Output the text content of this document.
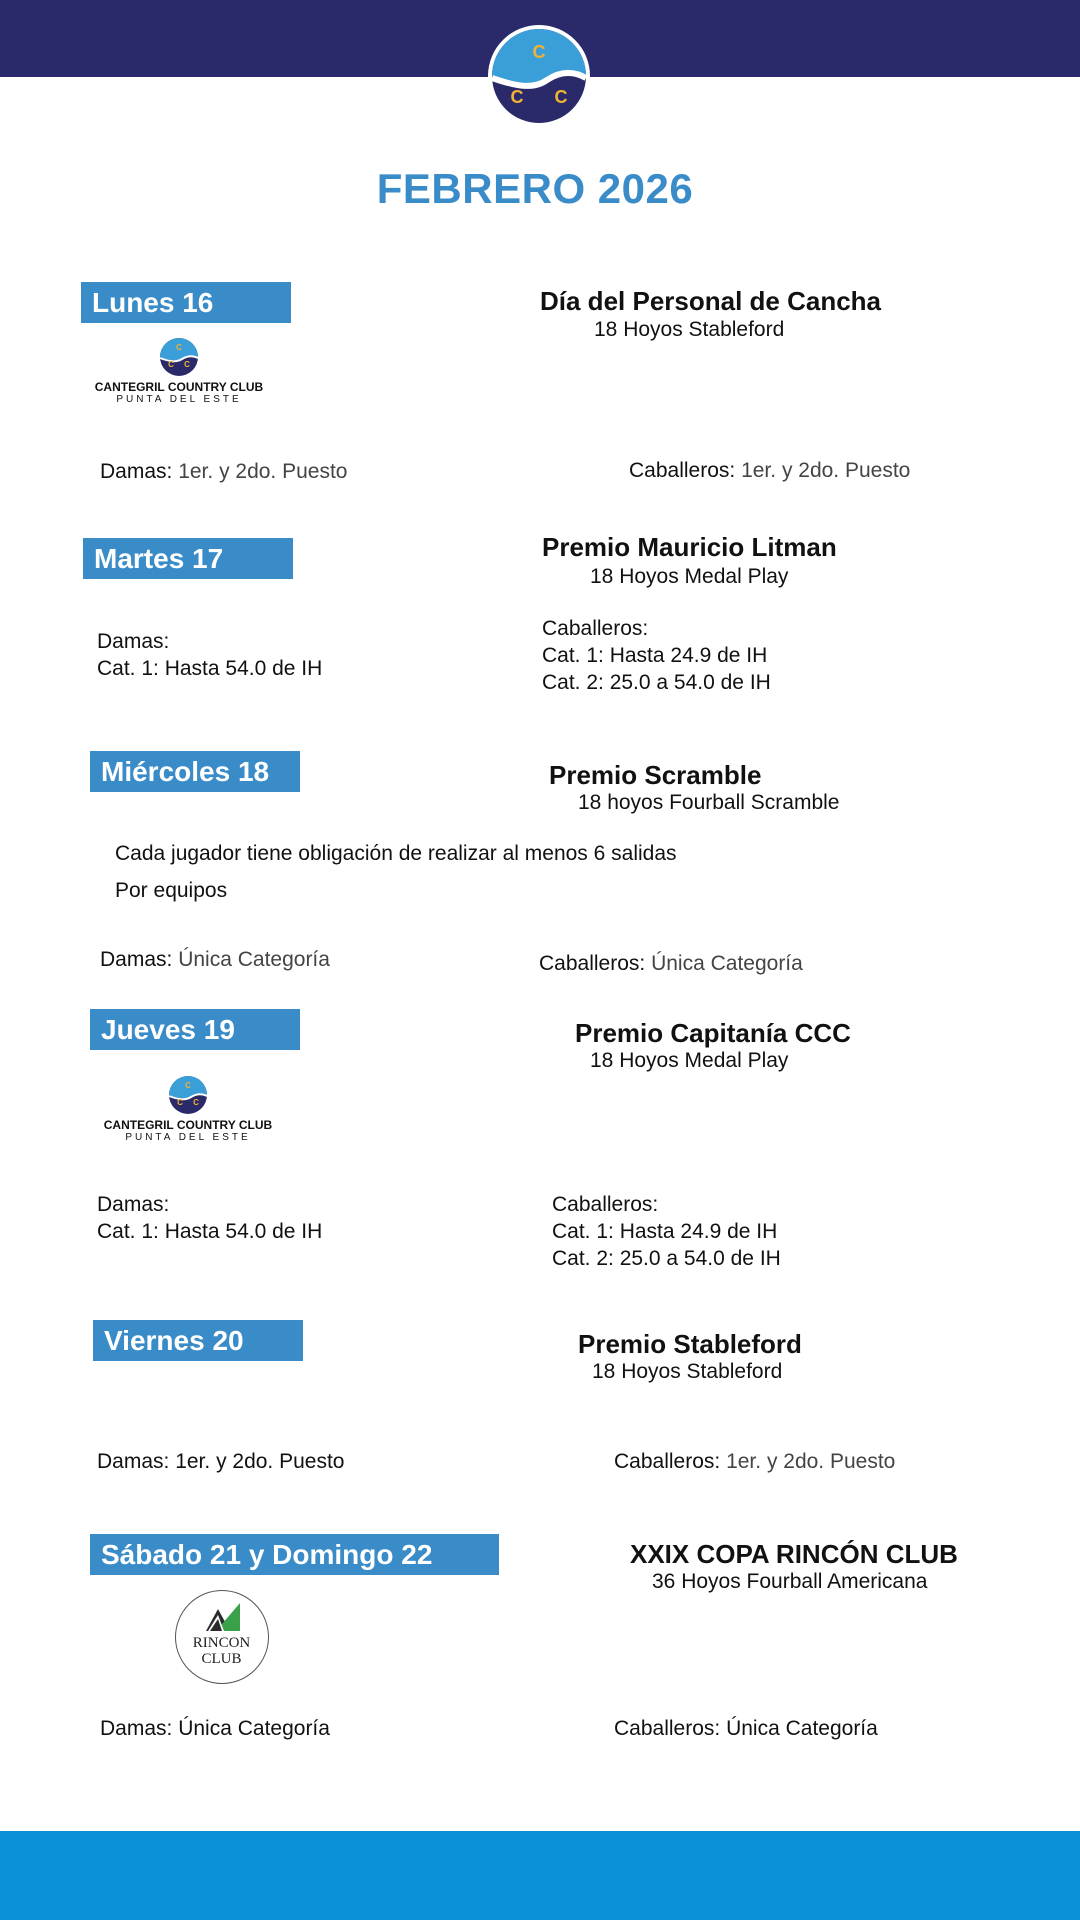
C
C C
FEBRERO 2026
Lunes 16
C
C C
CANTEGRIL COUNTRY CLUB
PUNTA DEL ESTE
Día del Personal de Cancha
18 Hoyos Stableford
Damas: 1er. y 2do. Puesto	Caballeros: 1er. y 2do. Puesto
Martes 17	Premio Mauricio Litman
18 Hoyos Medal Play
Damas:
Cat. 1: Hasta 54.0 de IH
Caballeros:
Cat. 1: Hasta 24.9 de IH
Cat. 2: 25.0 a 54.0 de IH
Miércoles 18	Premio Scramble
18 hoyos Fourball Scramble
Cada jugador tiene obligación de realizar al menos 6 salidas
Por equipos
Damas: Única Categoría	Caballeros: Única Categoría
Jueves 19
C
C C
CANTEGRIL COUNTRY CLUB
PUNTA DEL ESTE
Premio Capitanía CCC
18 Hoyos Medal Play
Damas:
Cat. 1: Hasta 54.0 de IH
Caballeros:
Cat. 1: Hasta 24.9 de IH
Cat. 2: 25.0 a 54.0 de IH
Viernes 20	Premio Stableford
18 Hoyos Stableford
Damas: 1er. y 2do. Puesto	Caballeros: 1er. y 2do. Puesto
Sábado 21 y Domingo 22
RINCON
CLUB
XXIX COPA RINCÓN CLUB
36 Hoyos Fourball Americana
Damas: Única Categoría	Caballeros: Única Categoría
